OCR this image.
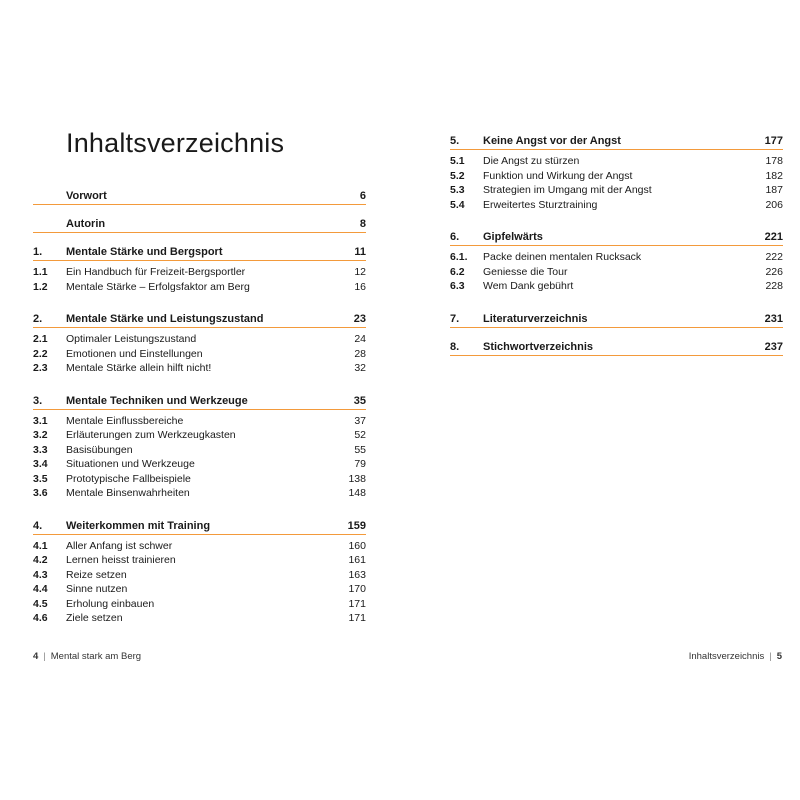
Inhaltsverzeichnis
Vorwort	6
Autorin	8
1.	Mentale Stärke und Bergsport	11
1.1	Ein Handbuch für Freizeit-Bergsportler	12
1.2	Mentale Stärke – Erfolgsfaktor am Berg	16
2.	Mentale Stärke und Leistungszustand	23
2.1	Optimaler Leistungszustand	24
2.2	Emotionen und Einstellungen	28
2.3	Mentale Stärke allein hilft nicht!	32
3.	Mentale Techniken und Werkzeuge	35
3.1	Mentale Einflussbereiche	37
3.2	Erläuterungen zum Werkzeugkasten	52
3.3	Basisübungen	55
3.4	Situationen und Werkzeuge	79
3.5	Prototypische Fallbeispiele	138
3.6	Mentale Binsenwahrheiten	148
4.	Weiterkommen mit Training	159
4.1	Aller Anfang ist schwer	160
4.2	Lernen heisst trainieren	161
4.3	Reize setzen	163
4.4	Sinne nutzen	170
4.5	Erholung einbauen	171
4.6	Ziele setzen	171
4 | Mental stark am Berg
5.	Keine Angst vor der Angst	177
5.1	Die Angst zu stürzen	178
5.2	Funktion und Wirkung der Angst	182
5.3	Strategien im Umgang mit der Angst	187
5.4	Erweitertes Sturztraining	206
6.	Gipfelwärts	221
6.1.	Packe deinen mentalen Rucksack	222
6.2	Geniesse die Tour	226
6.3	Wem Dank gebührt	228
7.	Literaturverzeichnis	231
8.	Stichwortverzeichnis	237
Inhaltsverzeichnis | 5
